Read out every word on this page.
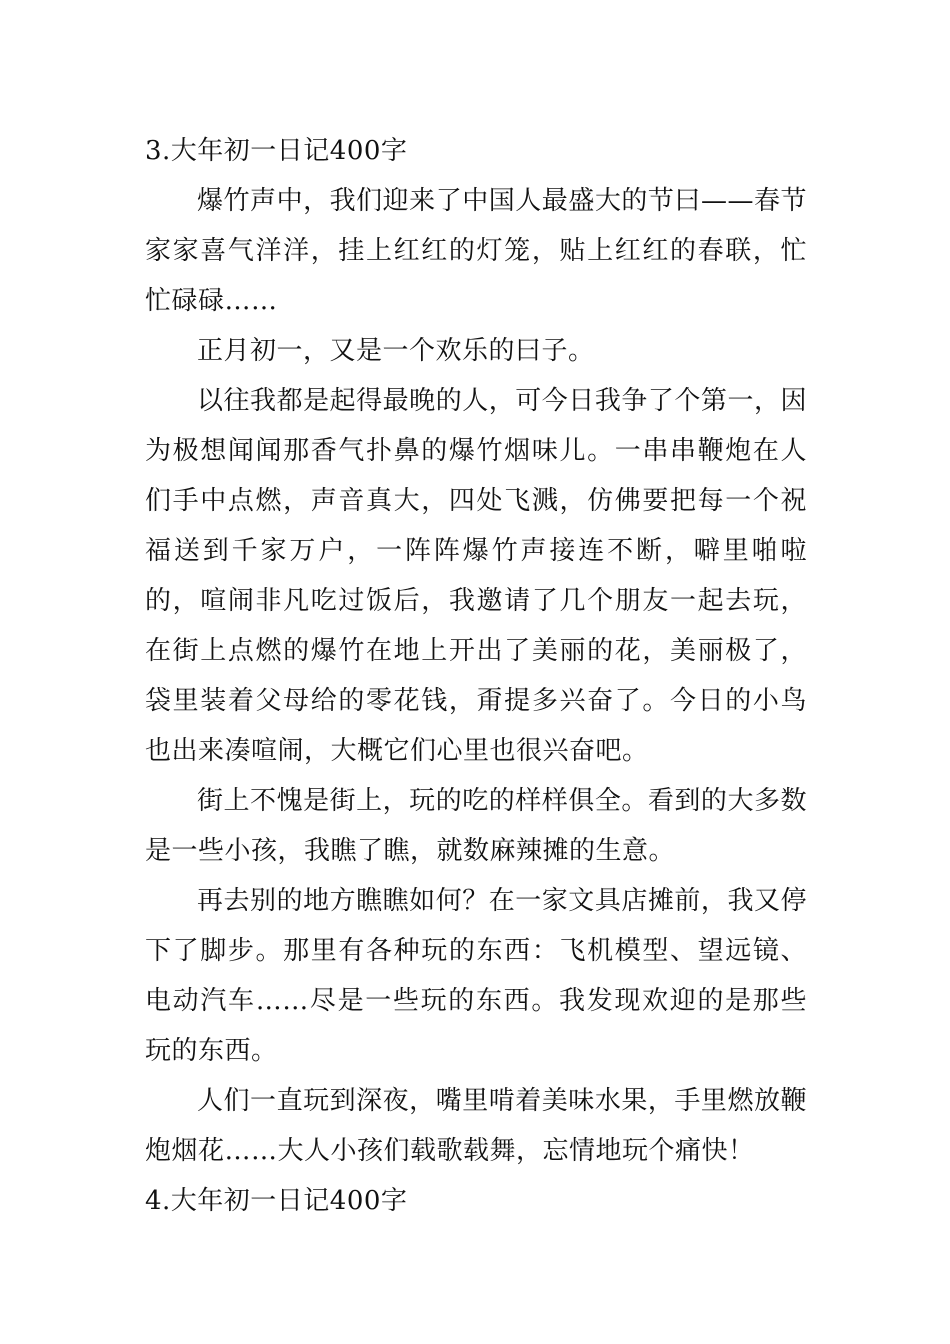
3.大年初一日记400字

爆竹声中，我们迎来了中国人最盛大的节曰——春节家家喜气洋洋，挂上红红的灯笼，贴上红红的春联，忙忙碌碌……

正月初一，又是一个欢乐的曰子。

以往我都是起得最晚的人，可今日我争了个第一，因为极想闻闻那香气扑鼻的爆竹烟味儿。一串串鞭炮在人们手中点燃，声音真大，四处飞溅，仿佛要把每一个祝福送到千家万户，一阵阵爆竹声接连不断，噼里啪啦的，喧闹非凡吃过饭后，我邀请了几个朋友一起去玩，在街上点燃的爆竹在地上开出了美丽的花，美丽极了，袋里装着父母给的零花钱，甭提多兴奋了。今日的小鸟也出来凑喧闹，大概它们心里也很兴奋吧。

街上不愧是街上，玩的吃的样样俱全。看到的大多数是一些小孩，我瞧了瞧，就数麻辣摊的生意。

再去别的地方瞧瞧如何？在一家文具店摊前，我又停下了脚步。那里有各种玩的东西：飞机模型、望远镜、电动汽车……尽是一些玩的东西。我发现欢迎的是那些玩的东西。

人们一直玩到深夜，嘴里啃着美味水果，手里燃放鞭炮烟花……大人小孩们载歌载舞，忘情地玩个痛快！

4.大年初一日记400字
